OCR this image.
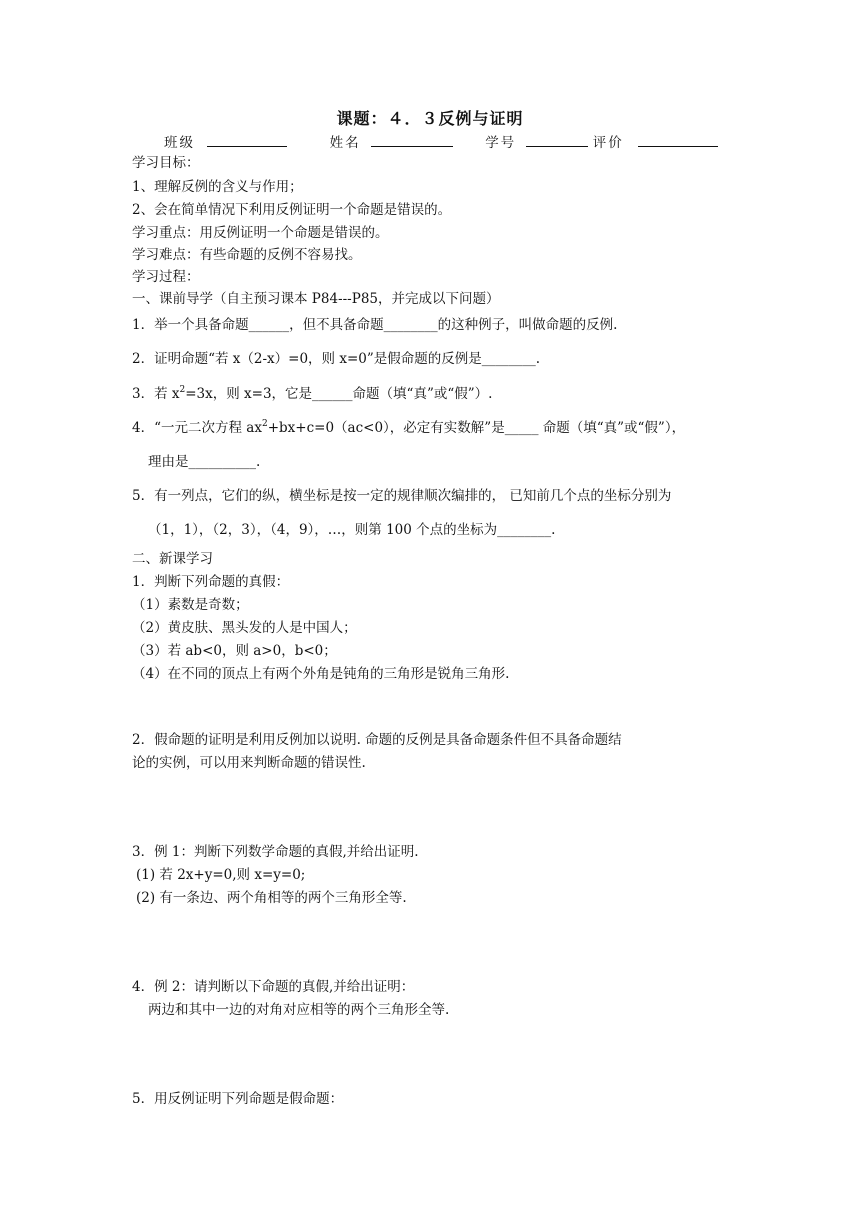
课题：４．３反例与证明
班级	姓名	学号	评价
学习目标：
1、理解反例的含义与作用；
2、会在简单情况下利用反例证明一个命题是错误的。
学习重点：用反例证明一个命题是错误的。
学习难点：有些命题的反例不容易找。
学习过程：
一、课前导学（自主预习课本 P84---P85，并完成以下问题）
1．举一个具备命题______，但不具备命题________的这种例子，叫做命题的反例.
2．证明命题“若 x（2-x）=0，则 x=0”是假命题的反例是________.
3．若 $x^2=3x$，则 x=3，它是______命题（填“真”或“假”）.
4．“一元二次方程 $ax^2+bx+c=0(ac<0)$，必定有实数解”是_____ 命题（填“真”或“假”），
理由是__________.
5．有一列点，它们的纵，横坐标是按一定的规律顺次编排的， 已知前几个点的坐标分别为
（1，1），（2，3），（4，9），…，则第 100 个点的坐标为________.
二、新课学习
1．判断下列命题的真假：
（1）素数是奇数；
（2）黄皮肤、黑头发的人是中国人；
（3）若 ab<0，则 a>0，b<0；
（4）在不同的顶点上有两个外角是钝角的三角形是锐角三角形.
2．假命题的证明是利用反例加以说明. 命题的反例是具备命题条件但不具备命题结
论的实例，可以用来判断命题的错误性.
3．例 1：判断下列数学命题的真假,并给出证明.
(1) 若 2x+y=0,则 x=y=0;
(2) 有一条边、两个角相等的两个三角形全等.
4．例 2：请判断以下命题的真假,并给出证明：
两边和其中一边的对角对应相等的两个三角形全等.
5．用反例证明下列命题是假命题：
